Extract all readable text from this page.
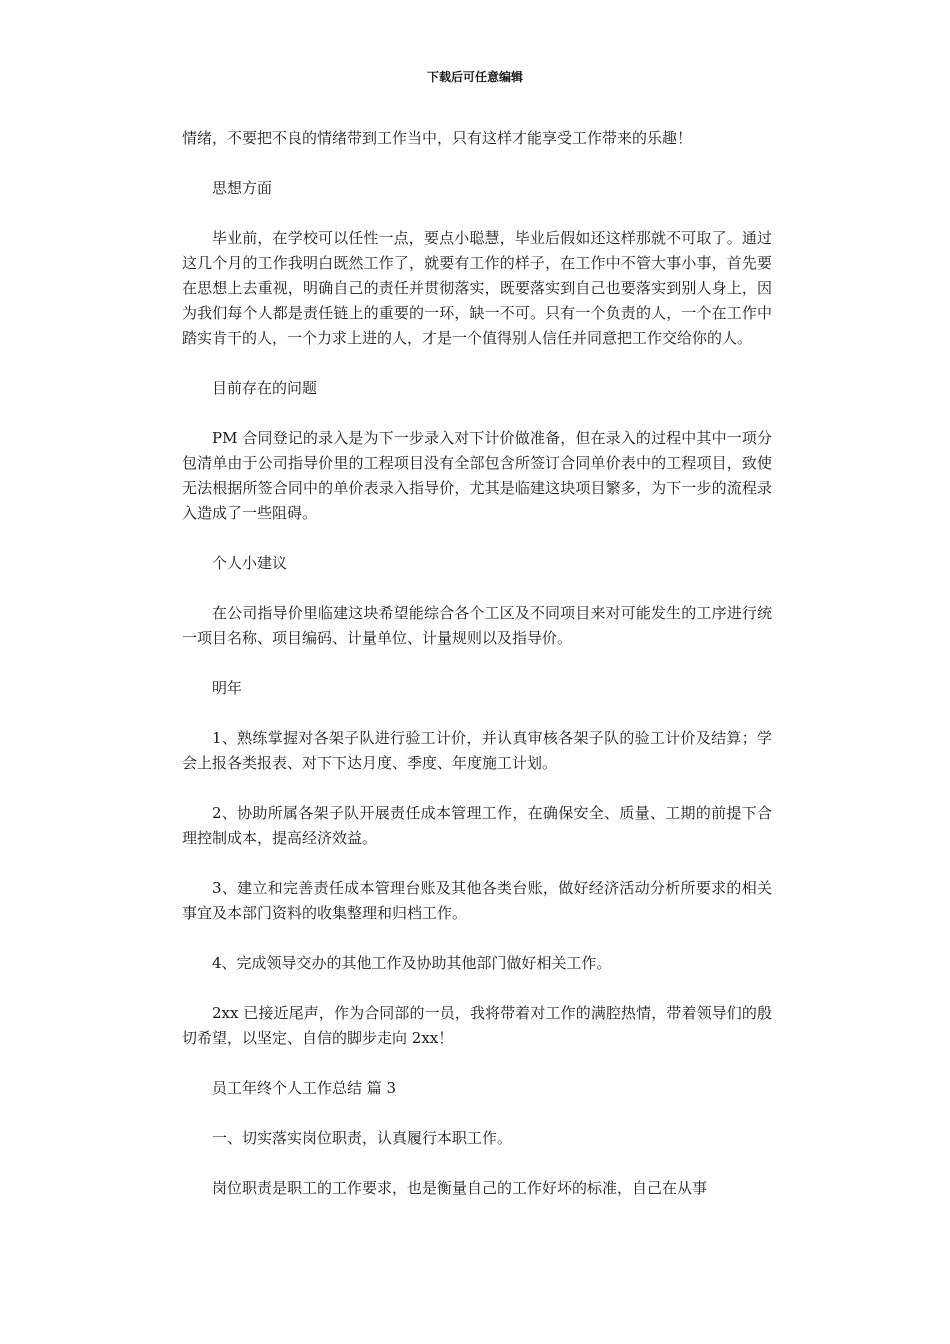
下载后可任意编辑

情绪，不要把不良的情绪带到工作当中，只有这样才能享受工作带来的乐趣！

思想方面

毕业前，在学校可以任性一点，要点小聪慧，毕业后假如还这样那就不可取了。通过这几个月的工作我明白既然工作了，就要有工作的样子，在工作中不管大事小事，首先要在思想上去重视，明确自己的责任并贯彻落实，既要落实到自己也要落实到别人身上，因为我们每个人都是责任链上的重要的一环，缺一不可。只有一个负责的人，一个在工作中踏实肯干的人，一个力求上进的人，才是一个值得别人信任并同意把工作交给你的人。

目前存在的问题

PM 合同登记的录入是为下一步录入对下计价做准备，但在录入的过程中其中一项分包清单由于公司指导价里的工程项目没有全部包含所签订合同单价表中的工程项目，致使无法根据所签合同中的单价表录入指导价，尤其是临建这块项目繁多，为下一步的流程录入造成了一些阻碍。

个人小建议

在公司指导价里临建这块希望能综合各个工区及不同项目来对可能发生的工序进行统一项目名称、项目编码、计量单位、计量规则以及指导价。

明年

1、熟练掌握对各架子队进行验工计价，并认真审核各架子队的验工计价及结算；学会上报各类报表、对下下达月度、季度、年度施工计划。

2、协助所属各架子队开展责任成本管理工作，在确保安全、质量、工期的前提下合理控制成本，提高经济效益。

3、建立和完善责任成本管理台账及其他各类台账，做好经济活动分析所要求的相关事宜及本部门资料的收集整理和归档工作。

4、完成领导交办的其他工作及协助其他部门做好相关工作。

2xx 已接近尾声，作为合同部的一员，我将带着对工作的满腔热情，带着领导们的殷切希望，以坚定、自信的脚步走向 2xx！

员工年终个人工作总结 篇 3

一、切实落实岗位职责，认真履行本职工作。

岗位职责是职工的工作要求，也是衡量自己的工作好坏的标准，自己在从事
